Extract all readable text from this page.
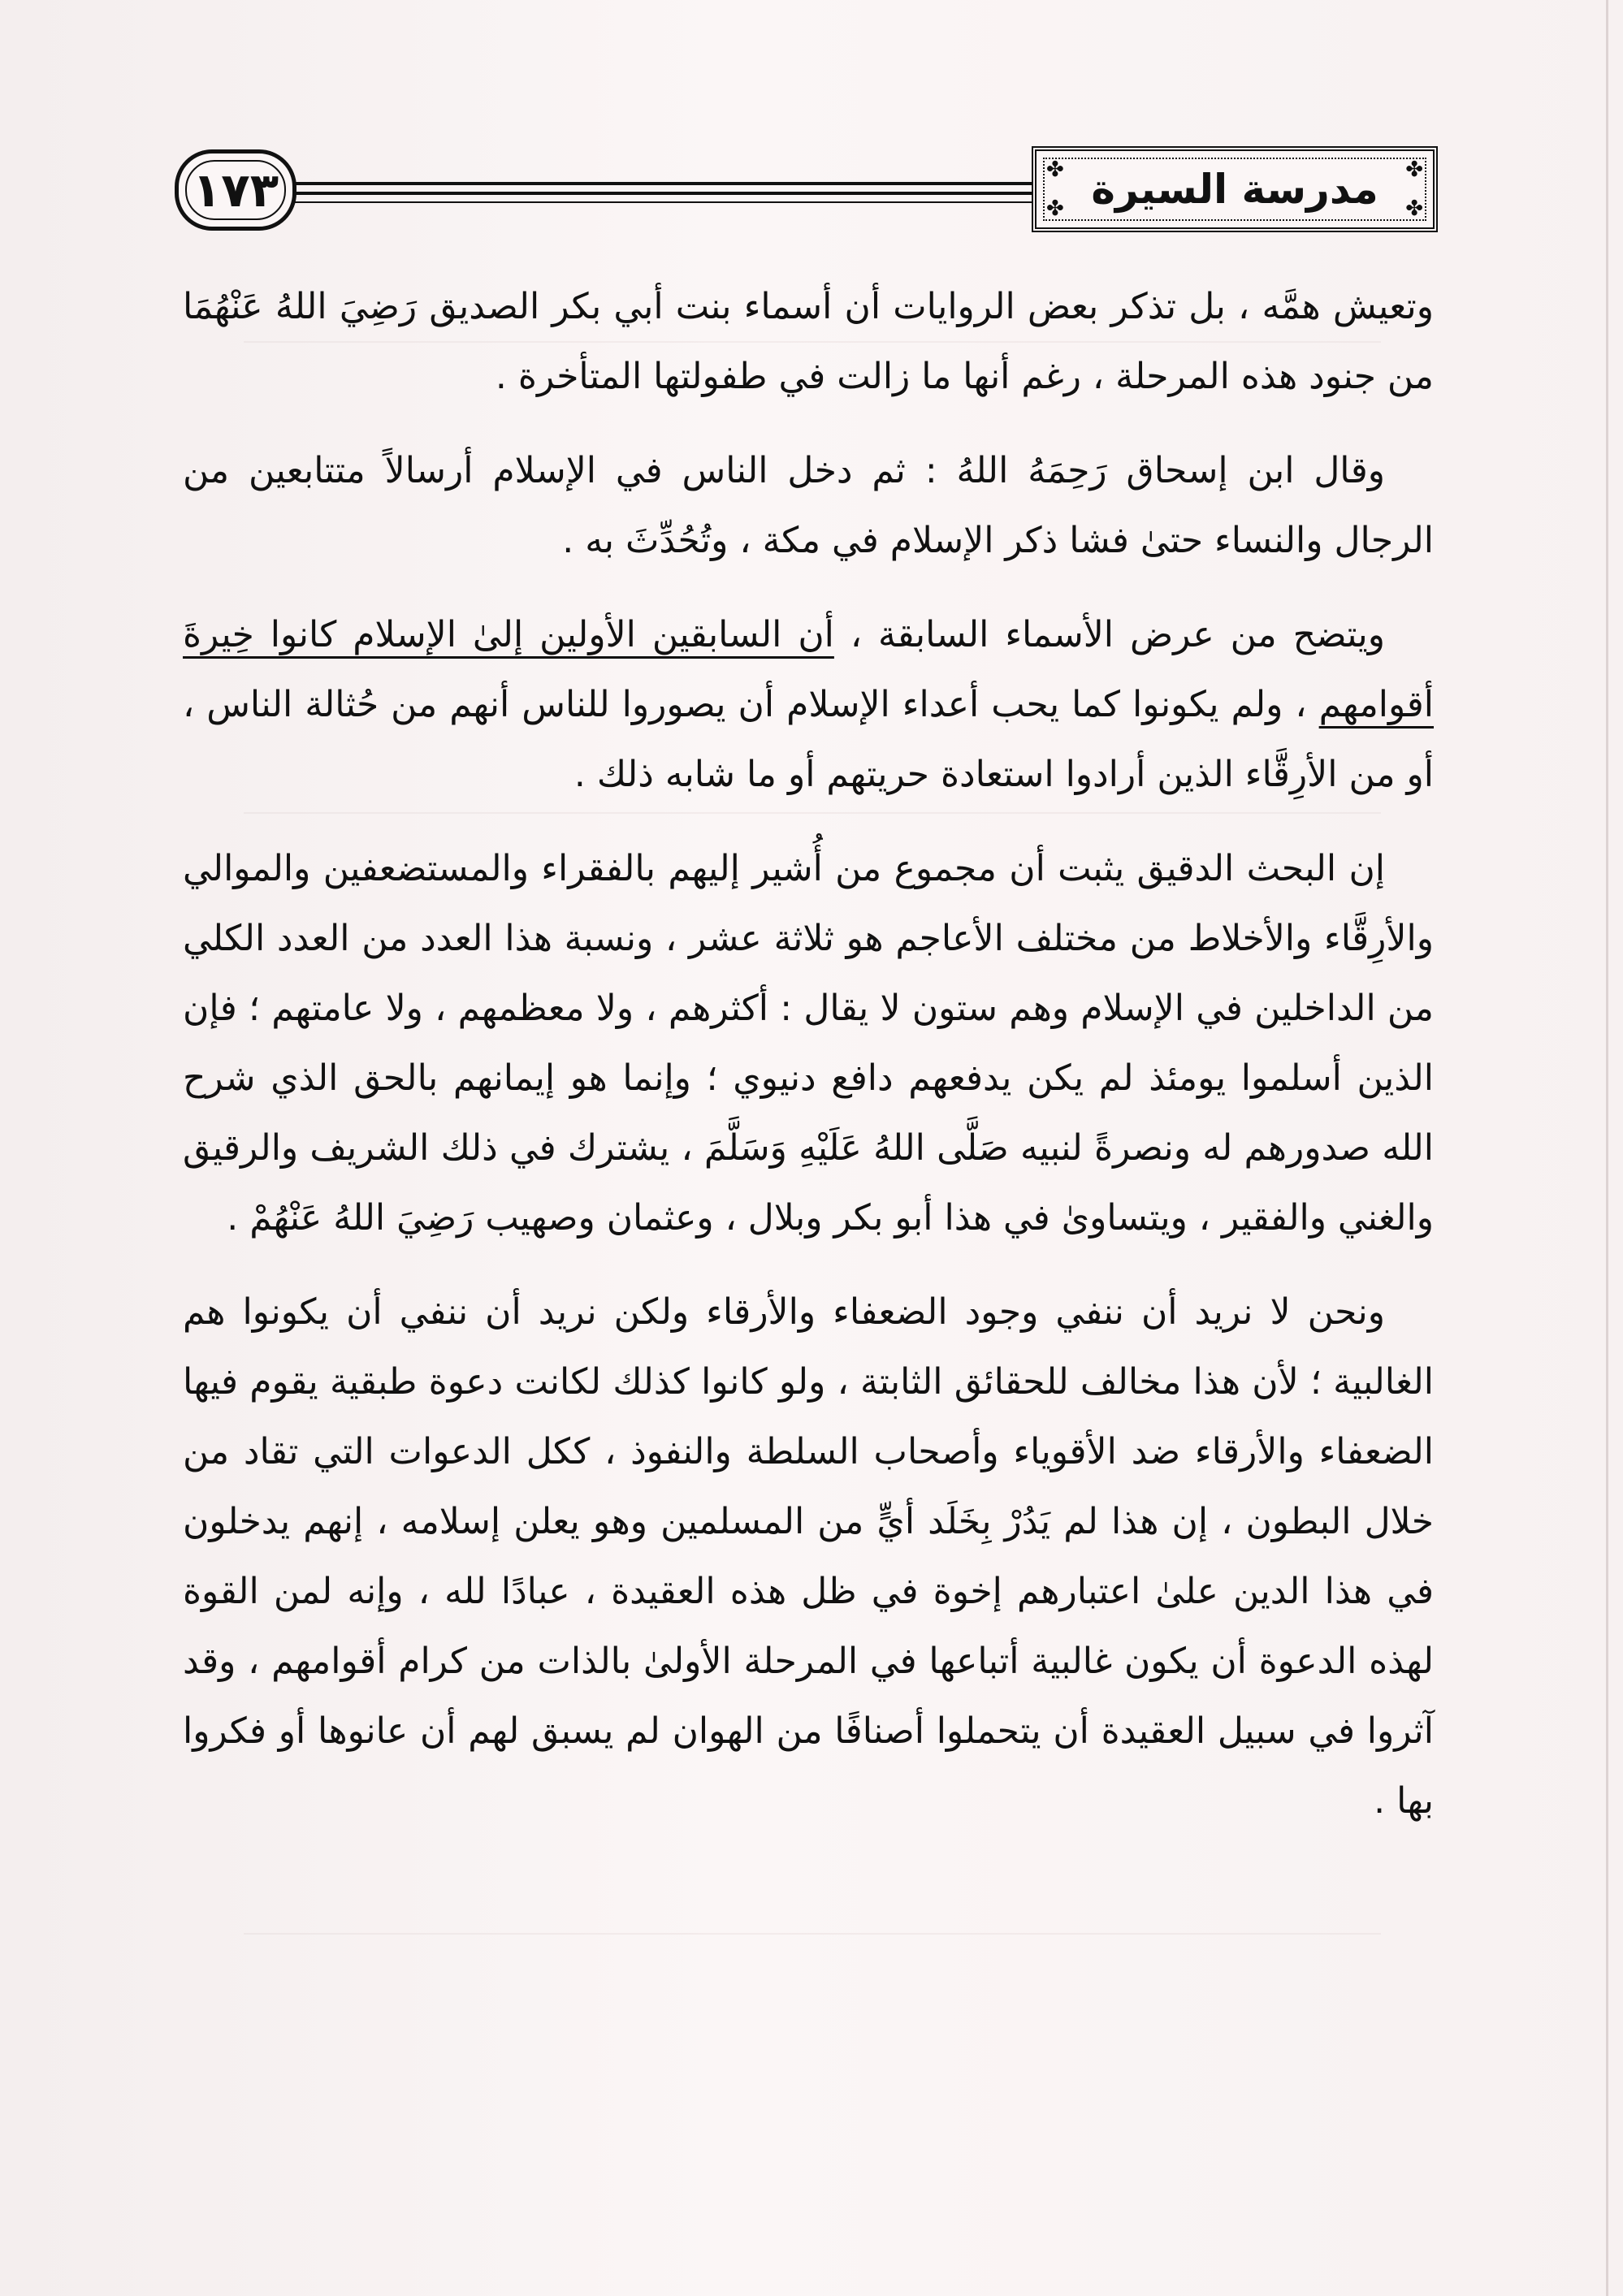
١٧٣	✤	✤
✤	✤
مدرسة السيرة

وتعيش همَّه ، بل تذكر بعض الروايات أن أسماء بنت أبي بكر الصديق رَضِيَ اللهُ عَنْهُمَا من جنود هذه المرحلة ، رغم أنها ما زالت في طفولتها المتأخرة .

وقال ابن إسحاق رَحِمَهُ اللهُ : ثم دخل الناس في الإسلام أرسالاً متتابعين من الرجال والنساء حتىٰ فشا ذكر الإسلام في مكة ، وتُحُدِّثَ به .

ويتضح من عرض الأسماء السابقة ، أن السابقين الأولين إلىٰ الإسلام كانوا خِيرةَ أقوامهم ، ولم يكونوا كما يحب أعداء الإسلام أن يصوروا للناس أنهم من حُثالة الناس ، أو من الأرِقَّاء الذين أرادوا استعادة حريتهم أو ما شابه ذلك .

إن البحث الدقيق يثبت أن مجموع من أُشير إليهم بالفقراء والمستضعفين والموالي والأرِقَّاء والأخلاط من مختلف الأعاجم هو ثلاثة عشر ، ونسبة هذا العدد من العدد الكلي من الداخلين في الإسلام وهم ستون لا يقال : أكثرهم ، ولا معظمهم ، ولا عامتهم ؛ فإن الذين أسلموا يومئذ لم يكن يدفعهم دافع دنيوي ؛ وإنما هو إيمانهم بالحق الذي شرح الله صدورهم له ونصرةً لنبيه صَلَّى اللهُ عَلَيْهِ وَسَلَّمَ ، يشترك في ذلك الشريف والرقيق والغني والفقير ، ويتساوىٰ في هذا أبو بكر وبلال ، وعثمان وصهيب رَضِيَ اللهُ عَنْهُمْ .

ونحن لا نريد أن ننفي وجود الضعفاء والأرقاء ولكن نريد أن ننفي أن يكونوا هم الغالبية ؛ لأن هذا مخالف للحقائق الثابتة ، ولو كانوا كذلك لكانت دعوة طبقية يقوم فيها الضعفاء والأرقاء ضد الأقوياء وأصحاب السلطة والنفوذ ، ككل الدعوات التي تقاد من خلال البطون ، إن هذا لم يَدُرْ بِخَلَد أيٍّ من المسلمين وهو يعلن إسلامه ، إنهم يدخلون في هذا الدين علىٰ اعتبارهم إخوة في ظل هذه العقيدة ، عبادًا لله ، وإنه لمن القوة لهذه الدعوة أن يكون غالبية أتباعها في المرحلة الأولىٰ بالذات من كرام أقوامهم ، وقد آثروا في سبيل العقيدة أن يتحملوا أصنافًا من الهوان لم يسبق لهم أن عانوها أو فكروا بها .
